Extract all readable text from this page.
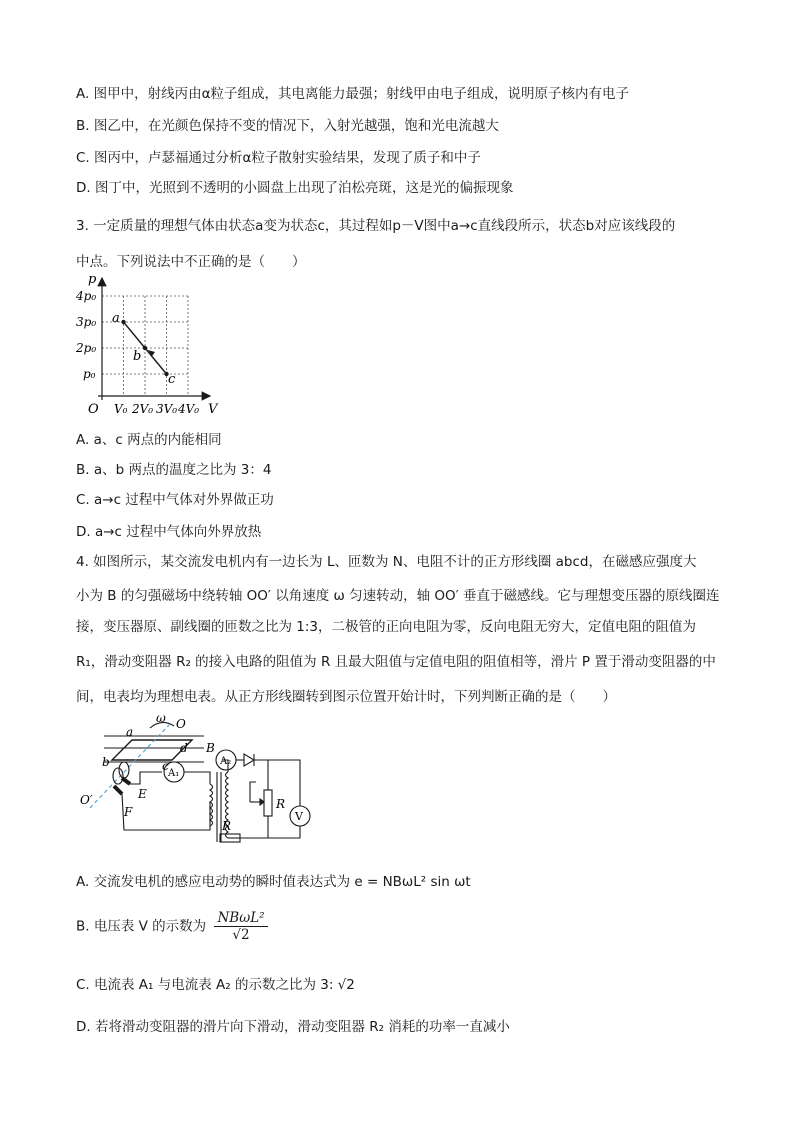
A. 图甲中，射线丙由α粒子组成，其电离能力最强；射线甲由电子组成，说明原子核内有电子
B. 图乙中，在光颜色保持不变的情况下，入射光越强，饱和光电流越大
C. 图丙中，卢瑟福通过分析α粒子散射实验结果，发现了质子和中子
D. 图丁中，光照到不透明的小圆盘上出现了泊松亮斑，这是光的偏振现象
3. 一定质量的理想气体由状态a变为状态c，其过程如p－V图中a→c直线段所示，状态b对应该线段的
中点。下列说法中不正确的是（　　）
p
V
O
4p₀
3p₀
2p₀
p₀
V₀ 2V₀ 3V₀ 4V₀
a
b
c
A. a、c 两点的内能相同
B. a、b 两点的温度之比为 3：4
C. a→c 过程中气体对外界做正功
D. a→c 过程中气体向外界放热
4. 如图所示，某交流发电机内有一边长为 L、匝数为 N、电阻不计的正方形线圈 abcd，在磁感应强度大
小为 B 的匀强磁场中绕转轴 OO′ 以角速度 ω 匀速转动，轴 OO′ 垂直于磁感线。它与理想变压器的原线圈连
接，变压器原、副线圈的匝数之比为 1:3，二极管的正向电阻为零，反向电阻无穷大，定值电阻的阻值为
R₁，滑动变阻器 R₂ 的接入电路的阻值为 R 且最大阻值与定值电阻的阻值相等，滑片 P 置于滑动变阻器的中
间，电表均为理想电表。从正方形线圈转到图示位置开始计时，下列判断正确的是（　　）
ω O
a
d B
b	c
O′	E
F
A₁
A₂
R
R
V
A. 交流发电机的感应电动势的瞬时值表达式为 e = NBωL² sin ωt
B. 电压表 V 的示数为 $\frac{\text{NBωL²}}{√2}$
C. 电流表 A₁ 与电流表 A₂ 的示数之比为 3: √2
D. 若将滑动变阻器的滑片向下滑动，滑动变阻器 R₂ 消耗的功率一直减小
